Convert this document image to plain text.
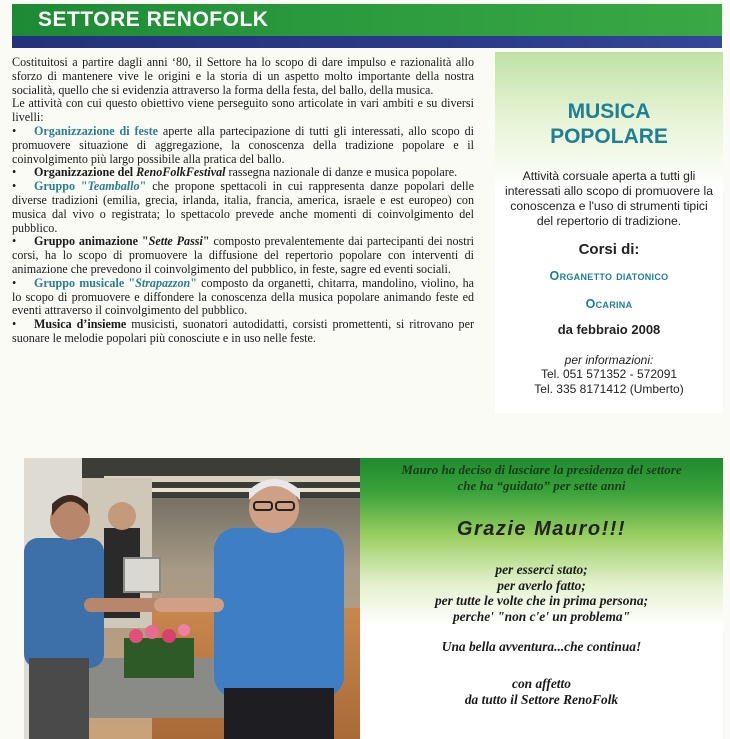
SETTORE RENOFOLK

Costituitosi a partire dagli anni ‘80, il Settore ha lo scopo di dare impulso e razionalità allo sforzo di mantenere vive le origini e la storia di un aspetto molto importante della nostra socialità, quello che si evidenzia attraverso la forma della festa, del ballo, della musica.

Le attività con cui questo obiettivo viene perseguito sono articolate in vari ambiti e su diversi livelli:

• Organizzazione di feste aperte alla partecipazione di tutti gli interessati, allo scopo di promuovere situazione di aggregazione, la conoscenza della tradizione popolare e il coinvolgimento più largo possibile alla pratica del ballo.

• Organizzazione del RenoFolkFestival rassegna nazionale di danze e musica popolare.

• Gruppo "Teamballo" che propone spettacoli in cui rappresenta danze popolari delle diverse tradizioni (emilia, grecia, irlanda, italia, francia, america, israele e est europeo) con musica dal vivo o registrata; lo spettacolo prevede anche momenti di coinvolgimento del pubblico.

• Gruppo animazione "Sette Passi" composto prevalentemente dai partecipanti dei nostri corsi, ha lo scopo di promuovere la diffusione del repertorio popolare con interventi di animazione che prevedono il coinvolgimento del pubblico, in feste, sagre ed eventi sociali.

• Gruppo musicale "Strapazzon" composto da organetti, chitarra, mandolino, violino, ha lo scopo di promuovere e diffondere la conoscenza della musica popolare animando feste ed eventi attraverso il coinvolgimento del pubblico.

• Musica d’insieme musicisti, suonatori autodidatti, corsisti promettenti, si ritrovano per suonare le melodie popolari più conosciute e in uso nelle feste.

MUSICA
POPOLARE
Attività corsuale aperta a tutti gli interessati allo scopo di promuovere la conoscenza e l'uso di strumenti tipici del repertorio di tradizione.
Corsi di:
Organetto diatonico
Ocarina
da febbraio 2008
per informazioni:
Tel. 051 571352 - 572091
Tel. 335 8171412 (Umberto)
Mauro ha deciso di lasciare la presidenza del settore
che ha “guidato” per sette anni
Grazie Mauro!!!
per esserci stato;
per averlo fatto;
per tutte le volte che in prima persona;
perche' "non c'e' un problema"
Una bella avventura...che continua!
con affetto
da tutto il Settore RenoFolk
